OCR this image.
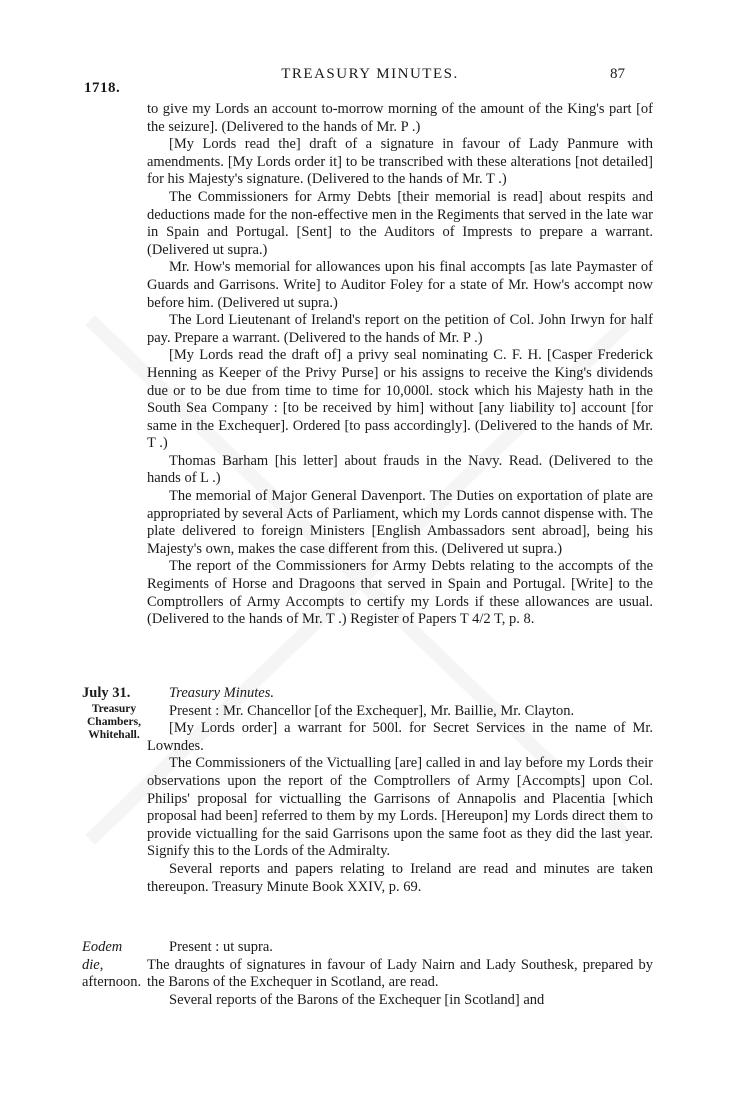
1718.
TREASURY MINUTES.	87

to give my Lords an account to-morrow morning of the amount of the King's part [of the seizure]. (Delivered to the hands of Mr. P .)

[My Lords read the] draft of a signature in favour of Lady Panmure with amendments. [My Lords order it] to be transcribed with these alterations [not detailed] for his Majesty's signature. (Delivered to the hands of Mr. T .)

The Commissioners for Army Debts [their memorial is read] about respits and deductions made for the non-effective men in the Regiments that served in the late war in Spain and Portugal. [Sent] to the Auditors of Imprests to prepare a warrant. (Delivered ut supra.)

Mr. How's memorial for allowances upon his final accompts [as late Paymaster of Guards and Garrisons. Write] to Auditor Foley for a state of Mr. How's accompt now before him. (Delivered ut supra.)

The Lord Lieutenant of Ireland's report on the petition of Col. John Irwyn for half pay. Prepare a warrant. (Delivered to the hands of Mr. P .)

[My Lords read the draft of] a privy seal nominating C. F. H. [Casper Frederick Henning as Keeper of the Privy Purse] or his assigns to receive the King's dividends due or to be due from time to time for 10,000l. stock which his Majesty hath in the South Sea Company : [to be received by him] without [any liability to] account [for same in the Exchequer]. Ordered [to pass accordingly]. (Delivered to the hands of Mr. T .)

Thomas Barham [his letter] about frauds in the Navy. Read. (Delivered to the hands of L .)

The memorial of Major General Davenport. The Duties on exportation of plate are appropriated by several Acts of Parliament, which my Lords cannot dispense with. The plate delivered to foreign Ministers [English Ambassadors sent abroad], being his Majesty's own, makes the case different from this. (Delivered ut supra.)

The report of the Commissioners for Army Debts relating to the accompts of the Regiments of Horse and Dragoons that served in Spain and Portugal. [Write] to the Comptrollers of Army Accompts to certify my Lords if these allowances are usual. (Delivered to the hands of Mr. T .) Register of Papers T 4/2 T, p. 8.

July 31.
Treasury Chambers, Whitehall.

Treasury Minutes.

Present : Mr. Chancellor [of the Exchequer], Mr. Baillie, Mr. Clayton.

[My Lords order] a warrant for 500l. for Secret Services in the name of Mr. Lowndes.

The Commissioners of the Victualling [are] called in and lay before my Lords their observations upon the report of the Comptrollers of Army [Accompts] upon Col. Philips' proposal for victualling the Garrisons of Annapolis and Placentia [which proposal had been] referred to them by my Lords. [Hereupon] my Lords direct them to provide victualling for the said Garrisons upon the same foot as they did the last year. Signify this to the Lords of the Admiralty.

Several reports and papers relating to Ireland are read and minutes are taken thereupon. Treasury Minute Book XXIV, p. 69.

Eodem die,
afternoon.

Present : ut supra.

The draughts of signatures in favour of Lady Nairn and Lady Southesk, prepared by the Barons of the Exchequer in Scotland, are read.

Several reports of the Barons of the Exchequer [in Scotland] and
